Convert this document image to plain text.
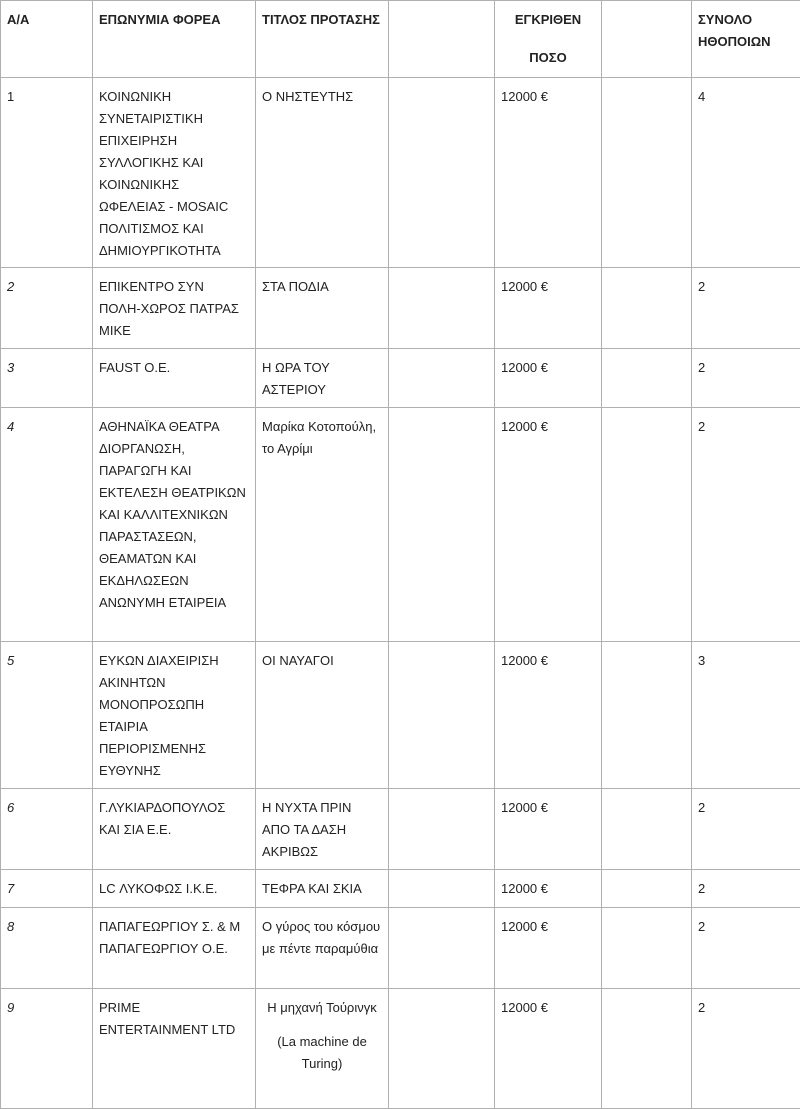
Α/Α	ΕΠΩΝΥΜΙΑ ΦΟΡΕΑ	ΤΙΤΛΟΣ ΠΡΟΤΑΣΗΣ		ΕΓΚΡΙΘΕΝ
ΠΟΣΟ		ΣΥΝΟΛΟ ΗΘΟΠΟΙΩΝ

1	ΚΟΙΝΩΝΙΚΗ ΣΥΝΕΤΑΙΡΙΣΤΙΚΗ ΕΠΙΧΕΙΡΗΣΗ ΣΥΛΛΟΓΙΚΗΣ ΚΑΙ ΚΟΙΝΩΝΙΚΗΣ ΩΦΕΛΕΙΑΣ - MOSAIC ΠΟΛΙΤΙΣΜΟΣ ΚΑΙ ΔΗΜΙΟΥΡΓΙΚΟΤΗΤΑ	Ο ΝΗΣΤΕΥΤΗΣ		12000 €		4

2	ΕΠΙΚΕΝΤΡΟ ΣΥΝ ΠΟΛΗ-ΧΩΡΟΣ ΠΑΤΡΑΣ ΜΙΚΕ	ΣΤΑ ΠΟΔΙΑ		12000 €		2

3	FAUST Ο.Ε.	Η ΩΡΑ ΤΟΥ ΑΣΤΕΡΙΟΥ		12000 €		2

4	ΑΘΗΝΑΪΚΑ ΘΕΑΤΡΑ ΔΙΟΡΓΑΝΩΣΗ, ΠΑΡΑΓΩΓΗ ΚΑΙ ΕΚΤΕΛΕΣΗ ΘΕΑΤΡΙΚΩΝ ΚΑΙ ΚΑΛΛΙΤΕΧΝΙΚΩΝ ΠΑΡΑΣΤΑΣΕΩΝ, ΘΕΑΜΑΤΩΝ ΚΑΙ ΕΚΔΗΛΩΣΕΩΝ ΑΝΩΝΥΜΗ ΕΤΑΙΡΕΙΑ	Μαρίκα Κοτοπούλη, το Αγρίμι		12000 €		2

5	ΕΥΚΩΝ ΔΙΑΧΕΙΡΙΣΗ ΑΚΙΝΗΤΩΝ ΜΟΝΟΠΡΟΣΩΠΗ ΕΤΑΙΡΙΑ ΠΕΡΙΟΡΙΣΜΕΝΗΣ ΕΥΘΥΝΗΣ	ΟΙ ΝΑΥΑΓΟΙ		12000 €		3

6	Γ.ΛΥΚΙΑΡΔΟΠΟΥΛΟΣ ΚΑΙ ΣΙΑ Ε.Ε.	Η ΝΥΧΤΑ ΠΡΙΝ ΑΠΟ ΤΑ ΔΑΣΗ ΑΚΡΙΒΩΣ		12000 €		2

7	LC ΛΥΚΟΦΩΣ Ι.Κ.Ε.	ΤΕΦΡΑ ΚΑΙ ΣΚΙΑ		12000 €		2

8	ΠΑΠΑΓΕΩΡΓΙΟΥ Σ. & Μ ΠΑΠΑΓΕΩΡΓΙΟΥ Ο.Ε.	Ο γύρος του κόσμου με πέντε παραμύθια		12000 €		2

9	PRIME ENTERTAINMENT LTD	Η μηχανή Τούρινγκ
(La machine de Turing)		12000 €		2
